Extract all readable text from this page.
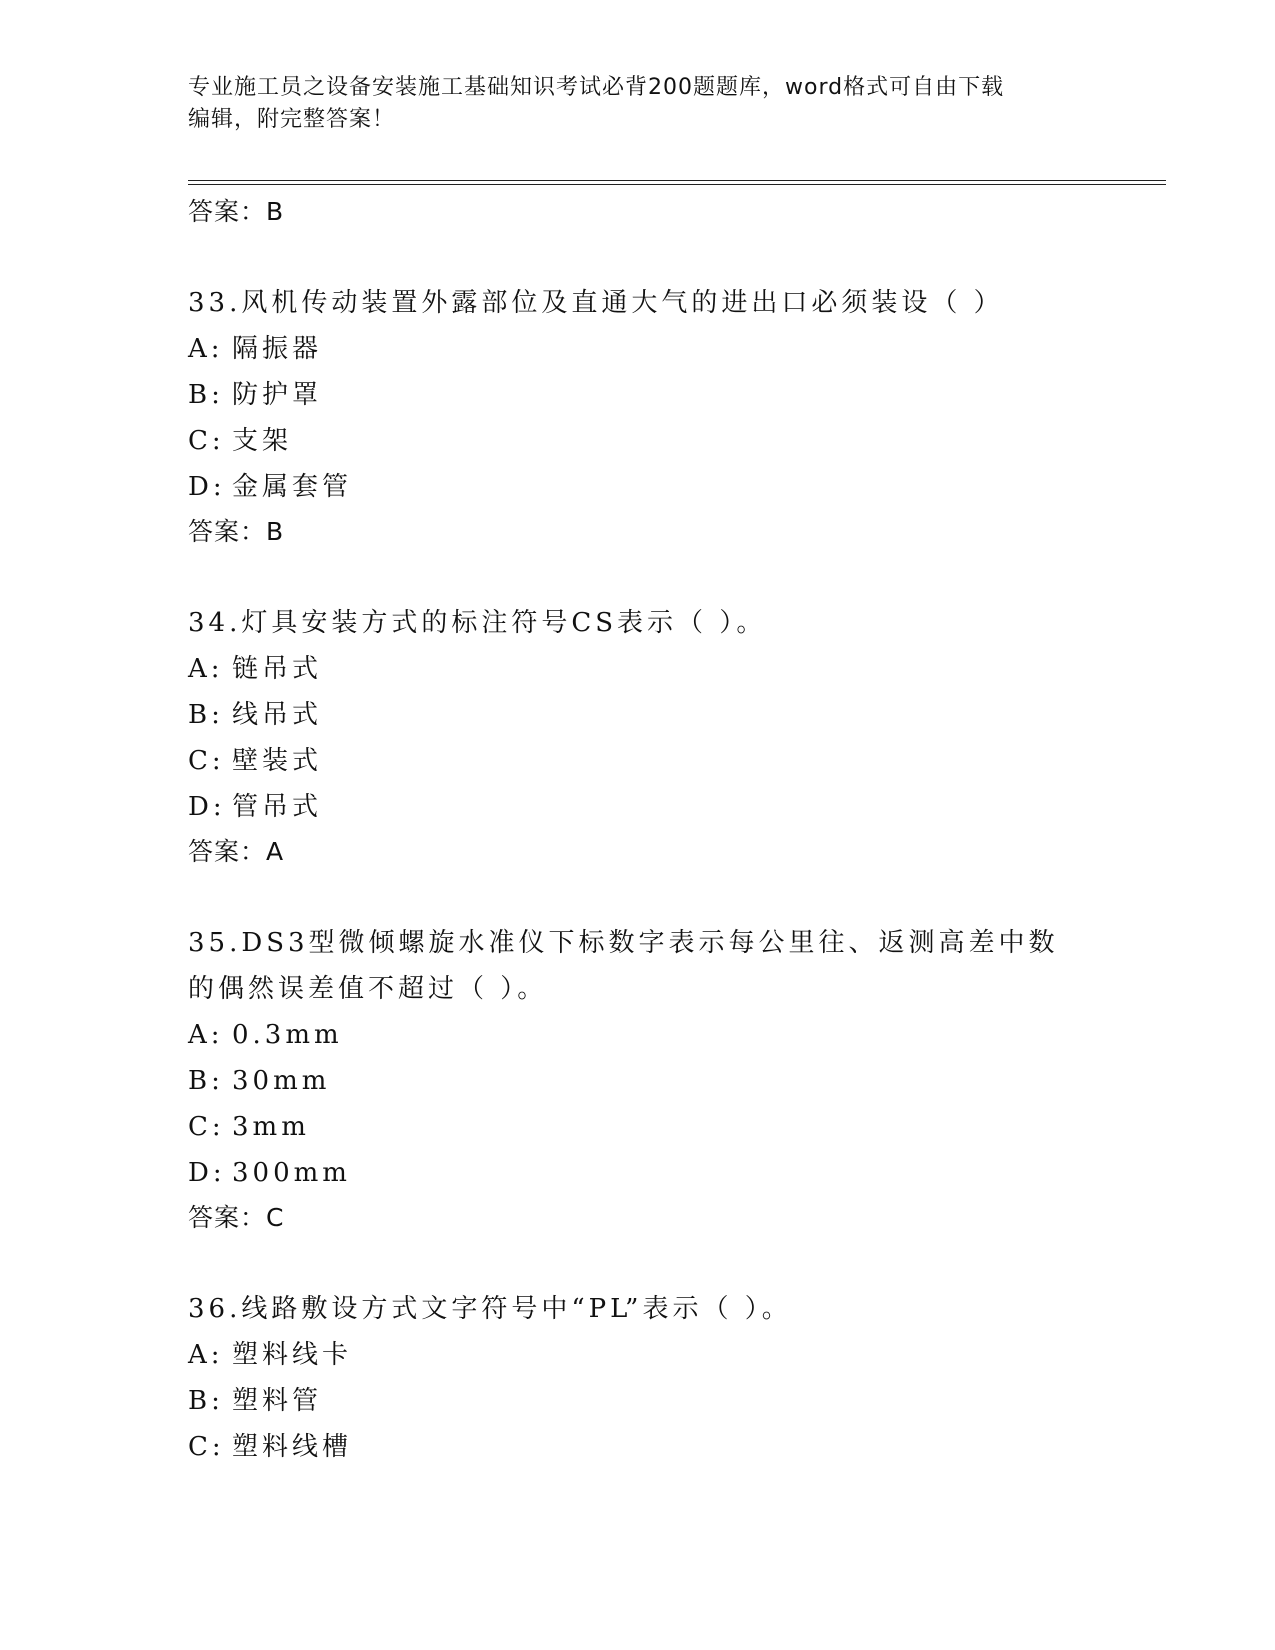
专业施工员之设备安装施工基础知识考试必背200题题库，word格式可自由下载
编辑，附完整答案！
答案：B
33.风机传动装置外露部位及直通大气的进出口必须装设（ ）
A: 隔振器
B: 防护罩
C: 支架
D: 金属套管
答案：B
34.灯具安装方式的标注符号CS表示（ ）。
A: 链吊式
B: 线吊式
C: 壁装式
D: 管吊式
答案：A
35.DS3型微倾螺旋水准仪下标数字表示每公里往、返测高差中数的偶然误差值不超过（ ）。
A: 0.3mm
B: 30mm
C: 3mm
D: 300mm
答案：C
36.线路敷设方式文字符号中“PL”表示（ ）。
A: 塑料线卡
B: 塑料管
C: 塑料线槽
